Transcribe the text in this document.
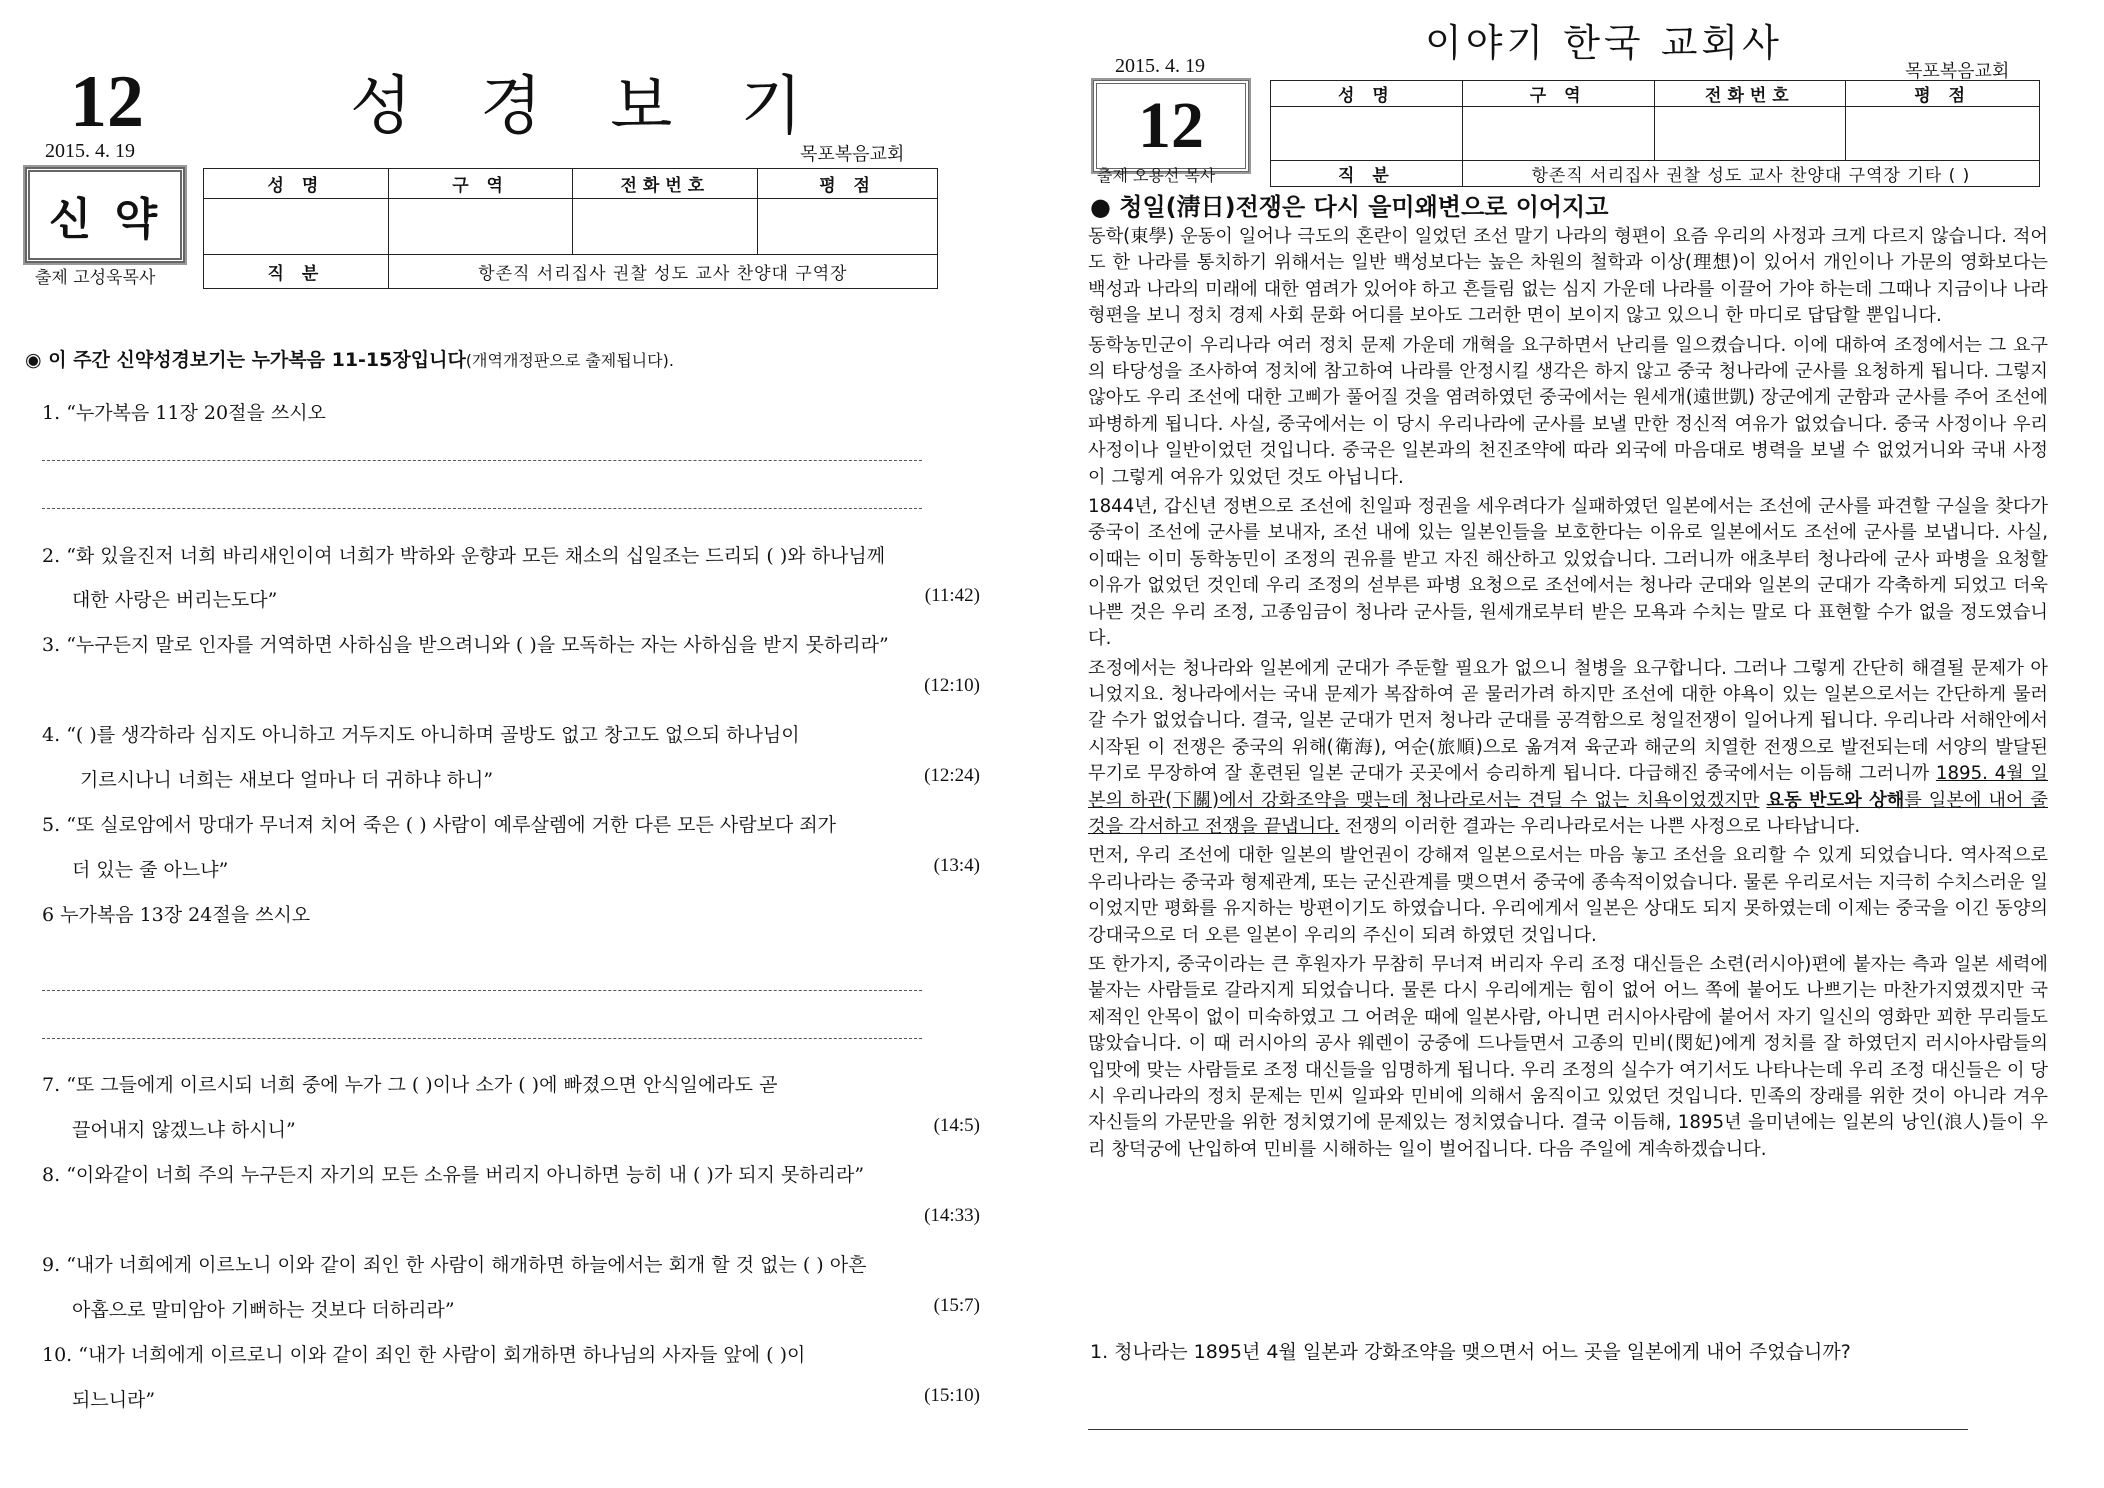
12	성 경 보 기
2015. 4. 19	목포복음교회
신 약
출제 고성욱목사
성 명	구 역	전화번호	평 점

직 분	항존직 서리집사 권찰 성도 교사 찬양대 구역장		
◉ 이 주간 신약성경보기는 누가복음 11-15장입니다(개역개정판으로 출제됩니다).
1. “누가복음 11장 20절을 쓰시오
2. “화 있을진저 너희 바리새인이여 너희가 박하와 운향과 모든 채소의 십일조는 드리되 ( )와 하나님께
대한 사랑은 버리는도다”	(11:42)
3. “누구든지 말로 인자를 거역하면 사하심을 받으려니와 ( )을 모독하는 자는 사하심을 받지 못하리라”
(12:10)
4. “( )를 생각하라 심지도 아니하고 거두지도 아니하며 골방도 없고 창고도 없으되 하나님이
기르시나니 너희는 새보다 얼마나 더 귀하냐 하니”	(12:24)
5. “또 실로암에서 망대가 무너져 치어 죽은 ( ) 사람이 예루살렘에 거한 다른 모든 사람보다 죄가
더 있는 줄 아느냐”	(13:4)
6 누가복음 13장 24절을 쓰시오
7. “또 그들에게 이르시되 너희 중에 누가 그 ( )이나 소가 ( )에 빠졌으면 안식일에라도 곧
끌어내지 않겠느냐 하시니”	(14:5)
8. “이와같이 너희 주의 누구든지 자기의 모든 소유를 버리지 아니하면 능히 내 ( )가 되지 못하리라”
(14:33)
9. “내가 너희에게 이르노니 이와 같이 죄인 한 사람이 해개하면 하늘에서는 회개 할 것 없는 ( ) 아흔
아홉으로 말미암아 기뻐하는 것보다 더하리라”	(15:7)
10. “내가 너희에게 이르로니 이와 같이 죄인 한 사람이 회개하면 하나님의 사자들 앞에 ( )이
되느니라”	(15:10)
이야기 한국 교회사
2015. 4. 19	목포복음교회
12
출제 오용선 목사
성 명	구 역	전화번호	평 점

직 분	항존직 서리집사 권찰 성도 교사 찬양대 구역장 기타 ( )		
● 청일(淸日)전쟁은 다시 을미왜변으로 이어지고

동학(東學) 운동이 일어나 극도의 혼란이 일었던 조선 말기 나라의 형편이 요즘 우리의 사정과 크게 다르지 않습니다. 적어도 한 나라를 통치하기 위해서는 일반 백성보다는 높은 차원의 철학과 이상(理想)이 있어서 개인이나 가문의 영화보다는 백성과 나라의 미래에 대한 염려가 있어야 하고 흔들림 없는 심지 가운데 나라를 이끌어 가야 하는데 그때나 지금이나 나라 형편을 보니 정치 경제 사회 문화 어디를 보아도 그러한 면이 보이지 않고 있으니 한 마디로 답답할 뿐입니다.

동학농민군이 우리나라 여러 정치 문제 가운데 개혁을 요구하면서 난리를 일으켰습니다. 이에 대하여 조정에서는 그 요구의 타당성을 조사하여 정치에 참고하여 나라를 안정시킬 생각은 하지 않고 중국 청나라에 군사를 요청하게 됩니다. 그렇지 않아도 우리 조선에 대한 고삐가 풀어질 것을 염려하였던 중국에서는 원세개(遠世凱) 장군에게 군함과 군사를 주어 조선에 파병하게 됩니다. 사실, 중국에서는 이 당시 우리나라에 군사를 보낼 만한 정신적 여유가 없었습니다. 중국 사정이나 우리 사정이나 일반이었던 것입니다. 중국은 일본과의 천진조약에 따라 외국에 마음대로 병력을 보낼 수 없었거니와 국내 사정이 그렇게 여유가 있었던 것도 아닙니다.

1844년, 갑신년 정변으로 조선에 친일파 정권을 세우려다가 실패하였던 일본에서는 조선에 군사를 파견할 구실을 찾다가 중국이 조선에 군사를 보내자, 조선 내에 있는 일본인들을 보호한다는 이유로 일본에서도 조선에 군사를 보냅니다. 사실, 이때는 이미 동학농민이 조정의 권유를 받고 자진 해산하고 있었습니다. 그러니까 애초부터 청나라에 군사 파병을 요청할 이유가 없었던 것인데 우리 조정의 섣부른 파병 요청으로 조선에서는 청나라 군대와 일본의 군대가 각축하게 되었고 더욱 나쁜 것은 우리 조정, 고종임금이 청나라 군사들, 원세개로부터 받은 모욕과 수치는 말로 다 표현할 수가 없을 정도였습니다.

조정에서는 청나라와 일본에게 군대가 주둔할 필요가 없으니 철병을 요구합니다. 그러나 그렇게 간단히 해결될 문제가 아니었지요. 청나라에서는 국내 문제가 복잡하여 곧 물러가려 하지만 조선에 대한 야욕이 있는 일본으로서는 간단하게 물러 갈 수가 없었습니다. 결국, 일본 군대가 먼저 청나라 군대를 공격함으로 청일전쟁이 일어나게 됩니다. 우리나라 서해안에서 시작된 이 전쟁은 중국의 위해(衛海), 여순(旅順)으로 옮겨져 육군과 해군의 치열한 전쟁으로 발전되는데 서양의 발달된 무기로 무장하여 잘 훈련된 일본 군대가 곳곳에서 승리하게 됩니다. 다급해진 중국에서는 이듬해 그러니까 1895. 4월 일본의 하관(下關)에서 강화조약을 맺는데 청나라로서는 견딜 수 없는 치욕이었겠지만 요동 반도와 상해를 일본에 내어 줄 것을 각서하고 전쟁을 끝냅니다. 전쟁의 이러한 결과는 우리나라로서는 나쁜 사정으로 나타납니다.

먼저, 우리 조선에 대한 일본의 발언권이 강해져 일본으로서는 마음 놓고 조선을 요리할 수 있게 되었습니다. 역사적으로 우리나라는 중국과 형제관계, 또는 군신관계를 맺으면서 중국에 종속적이었습니다. 물론 우리로서는 지극히 수치스러운 일이었지만 평화를 유지하는 방편이기도 하였습니다. 우리에게서 일본은 상대도 되지 못하였는데 이제는 중국을 이긴 동양의 강대국으로 더 오른 일본이 우리의 주신이 되려 하였던 것입니다.

또 한가지, 중국이라는 큰 후원자가 무참히 무너져 버리자 우리 조정 대신들은 소련(러시아)편에 붙자는 측과 일본 세력에 붙자는 사람들로 갈라지게 되었습니다. 물론 다시 우리에게는 힘이 없어 어느 쪽에 붙어도 나쁘기는 마찬가지였겠지만 국제적인 안목이 없이 미숙하였고 그 어려운 때에 일본사람, 아니면 러시아사람에 붙어서 자기 일신의 영화만 꾀한 무리들도 많았습니다. 이 때 러시아의 공사 웨렌이 궁중에 드나들면서 고종의 민비(閔妃)에게 정치를 잘 하였던지 러시아사람들의 입맛에 맞는 사람들로 조정 대신들을 임명하게 됩니다. 우리 조정의 실수가 여기서도 나타나는데 우리 조정 대신들은 이 당시 우리나라의 정치 문제는 민씨 일파와 민비에 의해서 움직이고 있었던 것입니다. 민족의 장래를 위한 것이 아니라 겨우 자신들의 가문만을 위한 정치였기에 문제있는 정치였습니다. 결국 이듬해, 1895년 을미년에는 일본의 낭인(浪人)들이 우리 창덕궁에 난입하여 민비를 시해하는 일이 벌어집니다. 다음 주일에 계속하겠습니다.

1. 청나라는 1895년 4월 일본과 강화조약을 맺으면서 어느 곳을 일본에게 내어 주었습니까?
